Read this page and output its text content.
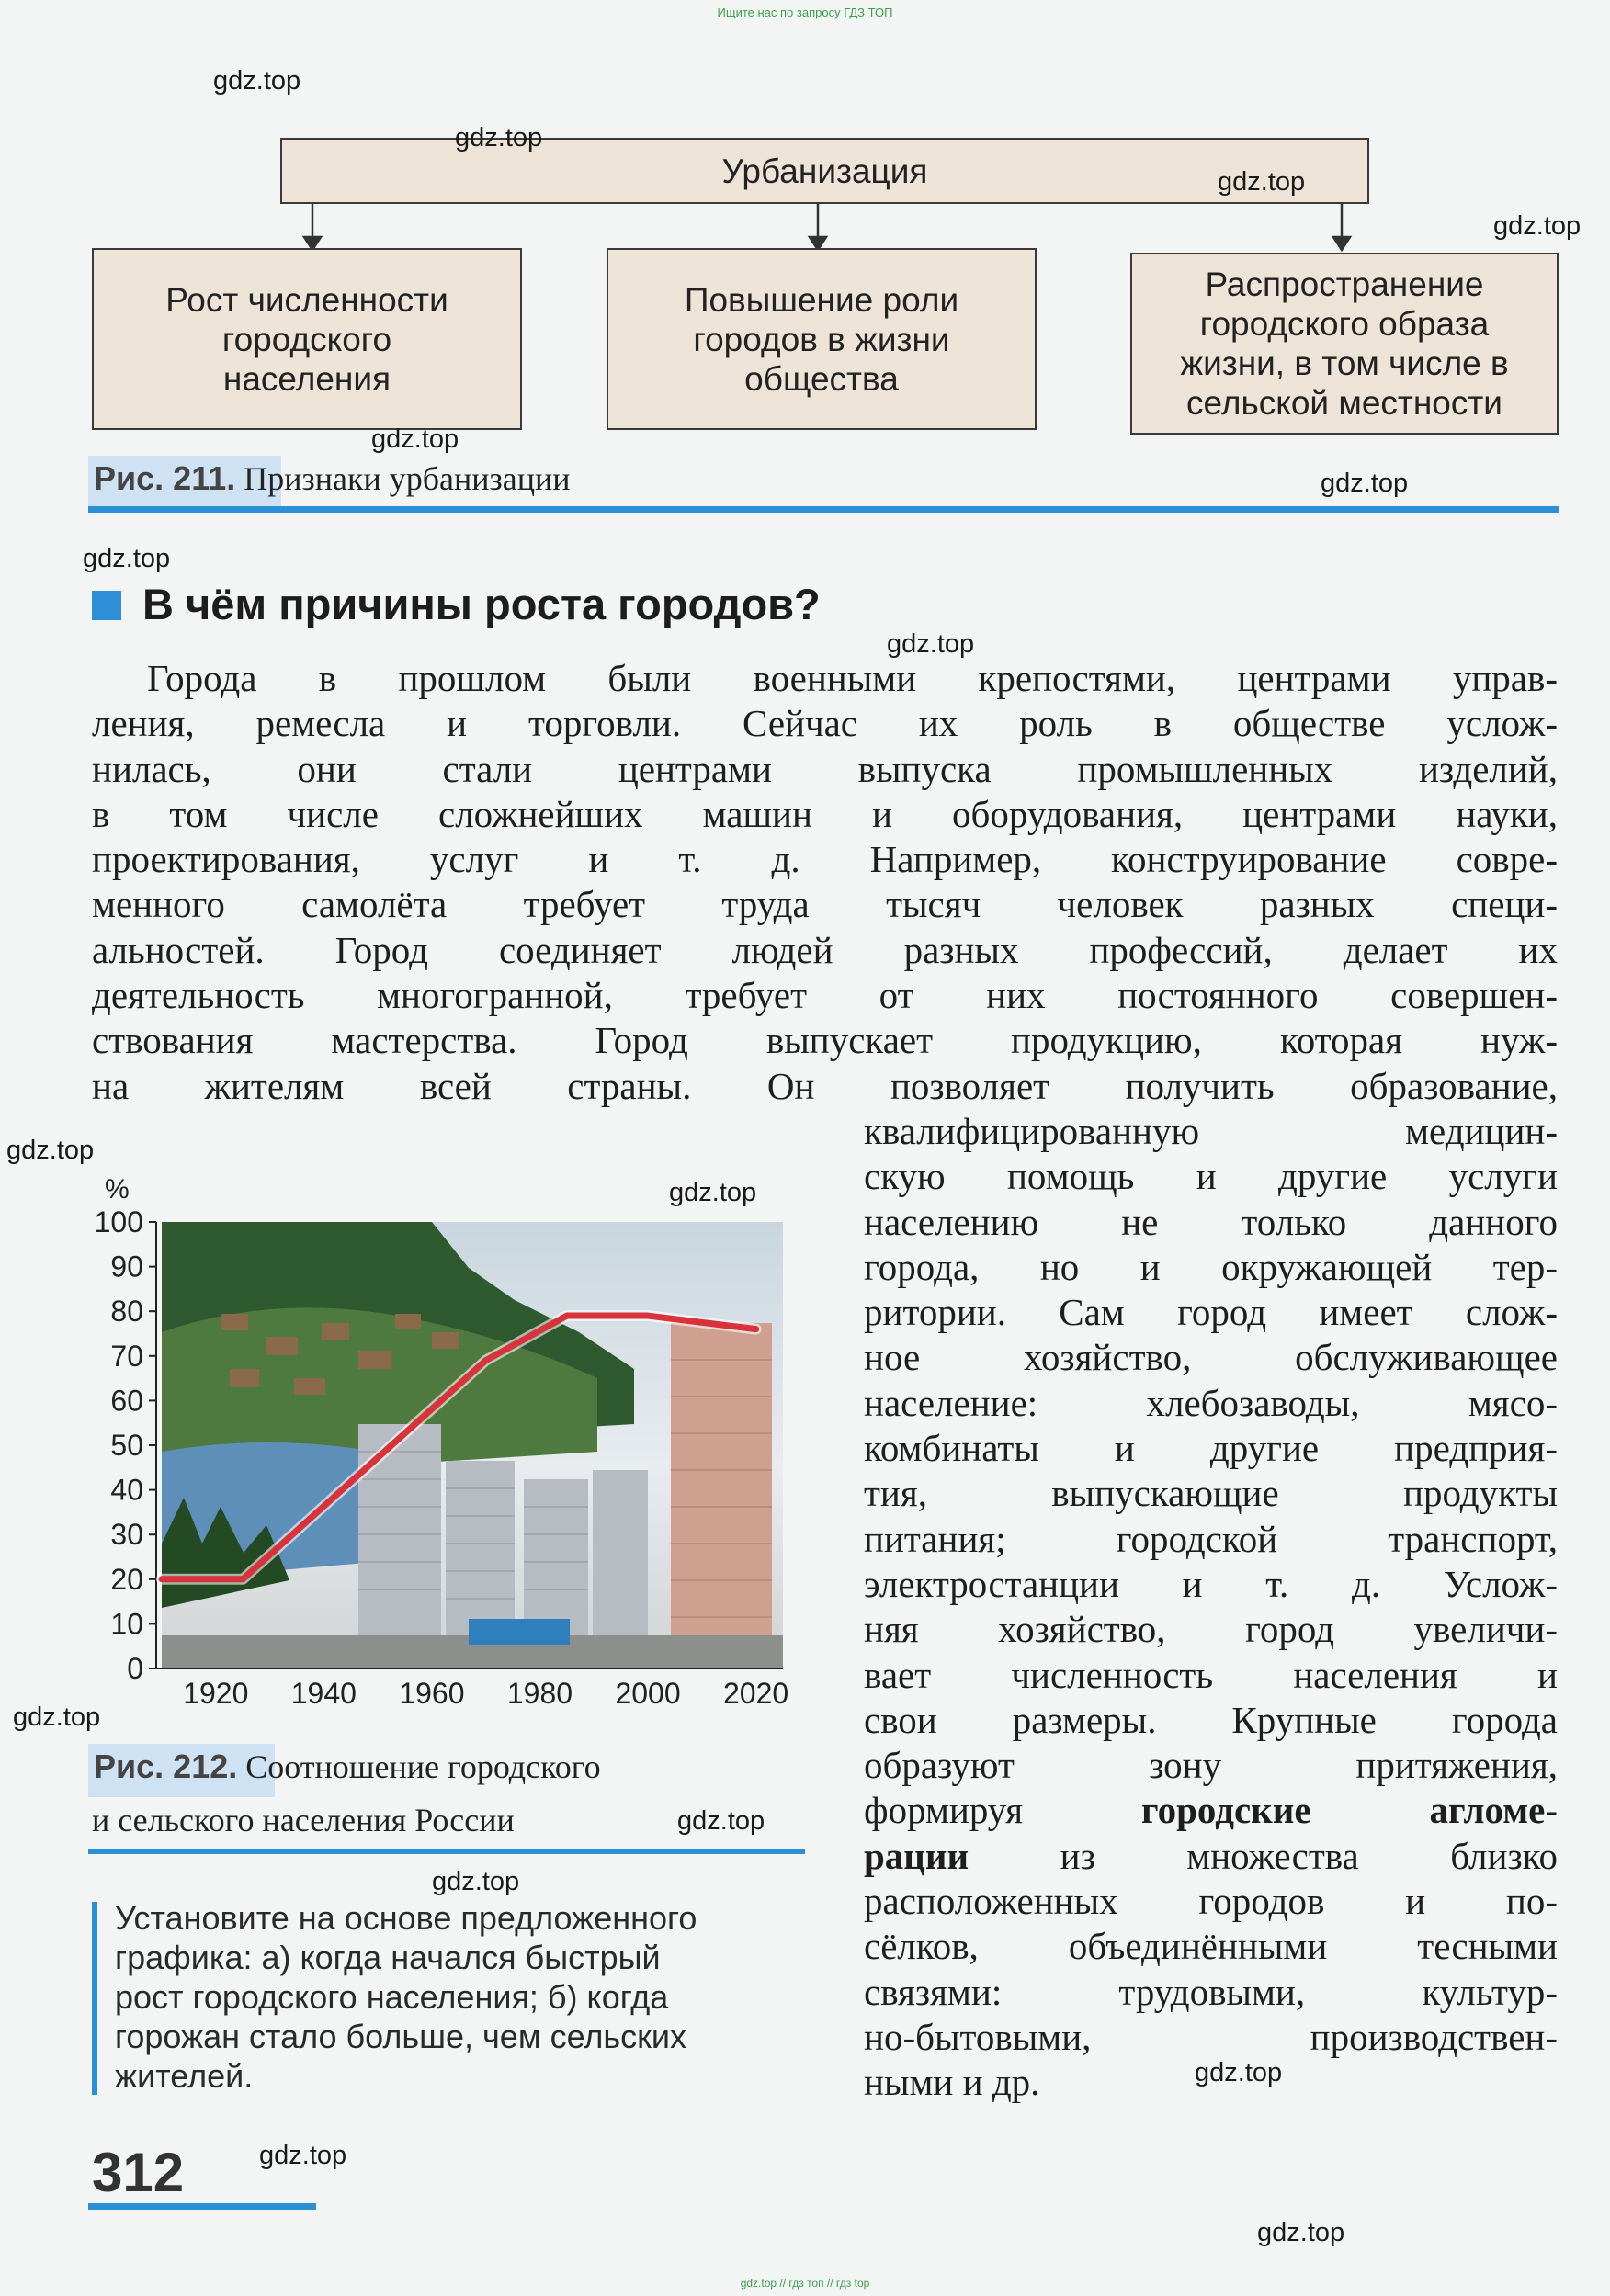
Ищите нас по запросу ГДЗ ТОП
gdz.top // гдз топ // гдз top
Урбанизация
Рост численности городского населения
Повышение роли городов в жизни общества
Распространение городского образа жизни, в том числе в сельской местности
Рис. 211. Признаки урбанизации
В чём причины роста городов?
Города в прошлом были военными крепостями, центрами управ-
ления, ремесла и торговли. Сейчас их роль в обществе услож-
нилась, они стали центрами выпуска промышленных изделий,
в том числе сложнейших машин и оборудования, центрами науки,
проектирования, услуг и т. д. Например, конструирование совре-
менного самолёта требует труда тысяч человек разных специ-
альностей. Город соединяет людей разных профессий, делает их
деятельность многогранной, требует от них постоянного совершен-
ствования мастерства. Город выпускает продукцию, которая нуж-
на жителям всей страны. Он позволяет получить образование,
квалифицированную медицин-
скую помощь и другие услуги
населению не только данного
города, но и окружающей тер-
ритории. Сам город имеет слож-
ное хозяйство, обслуживающее
население: хлебозаводы, мясо-
комбинаты и другие предприя-
тия, выпускающие продукты
питания; городской транспорт,
электростанции и т. д. Услож-
няя хозяйство, город увеличи-
вает численность населения и
свои размеры. Крупные города
образуют зону притяжения,
формируя	городские агломе-
рации из множества близко
расположенных городов и по-
сёлков, объединёнными тесными
связями: трудовыми, культур-
но-бытовыми, производствен-
ными и др.
%
0
10
20
30
40
50
60
70
80
90
100
1920 1940 1960 1980 2000 2020
Рис. 212. Соотношение городского
и сельского населения России
Установите на основе предложенного
графика: а) когда начался быстрый
рост городского населения; б) когда
горожан стало больше, чем сельских
жителей.
312
gdz.top
gdz.top
gdz.top
gdz.top
gdz.top
gdz.top
gdz.top
gdz.top
gdz.top
gdz.top
gdz.top
gdz.top
gdz.top
gdz.top
gdz.top
gdz.top
